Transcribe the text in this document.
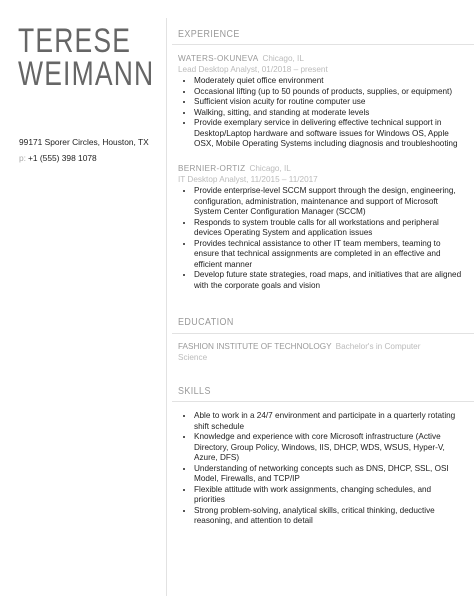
TERESE
WEIMANN
99171 Sporer Circles, Houston, TX
p: +1 (555) 398 1078
EXPERIENCE
WATERS-OKUNEVA Chicago, IL
Lead Desktop Analyst, 01/2018 – present
• Moderately quiet office environment
• Occasional lifting (up to 50 pounds of products, supplies, or equipment)
• Sufficient vision acuity for routine computer use
• Walking, sitting, and standing at moderate levels
• Provide exemplary service in delivering effective technical support in Desktop/Laptop hardware and software issues for Windows OS, Apple OSX, Mobile Operating Systems including diagnosis and troubleshooting
BERNIER-ORTIZ Chicago, IL
IT Desktop Analyst, 11/2015 – 11/2017
• Provide enterprise-level SCCM support through the design, engineering, configuration, administration, maintenance and support of Microsoft System Center Configuration Manager (SCCM)
• Responds to system trouble calls for all workstations and peripheral devices Operating System and application issues
• Provides technical assistance to other IT team members, teaming to ensure that technical assignments are completed in an effective and efficient manner
• Develop future state strategies, road maps, and initiatives that are aligned with the corporate goals and vision
EDUCATION
FASHION INSTITUTE OF TECHNOLOGY Bachelor's in Computer Science
SKILLS
• Able to work in a 24/7 environment and participate in a quarterly rotating shift schedule
• Knowledge and experience with core Microsoft infrastructure (Active Directory, Group Policy, Windows, IIS, DHCP, WDS, WSUS, Hyper-V, Azure, DFS)
• Understanding of networking concepts such as DNS, DHCP, SSL, OSI Model, Firewalls, and TCP/IP
• Flexible attitude with work assignments, changing schedules, and priorities
• Strong problem-solving, analytical skills, critical thinking, deductive reasoning, and attention to detail
